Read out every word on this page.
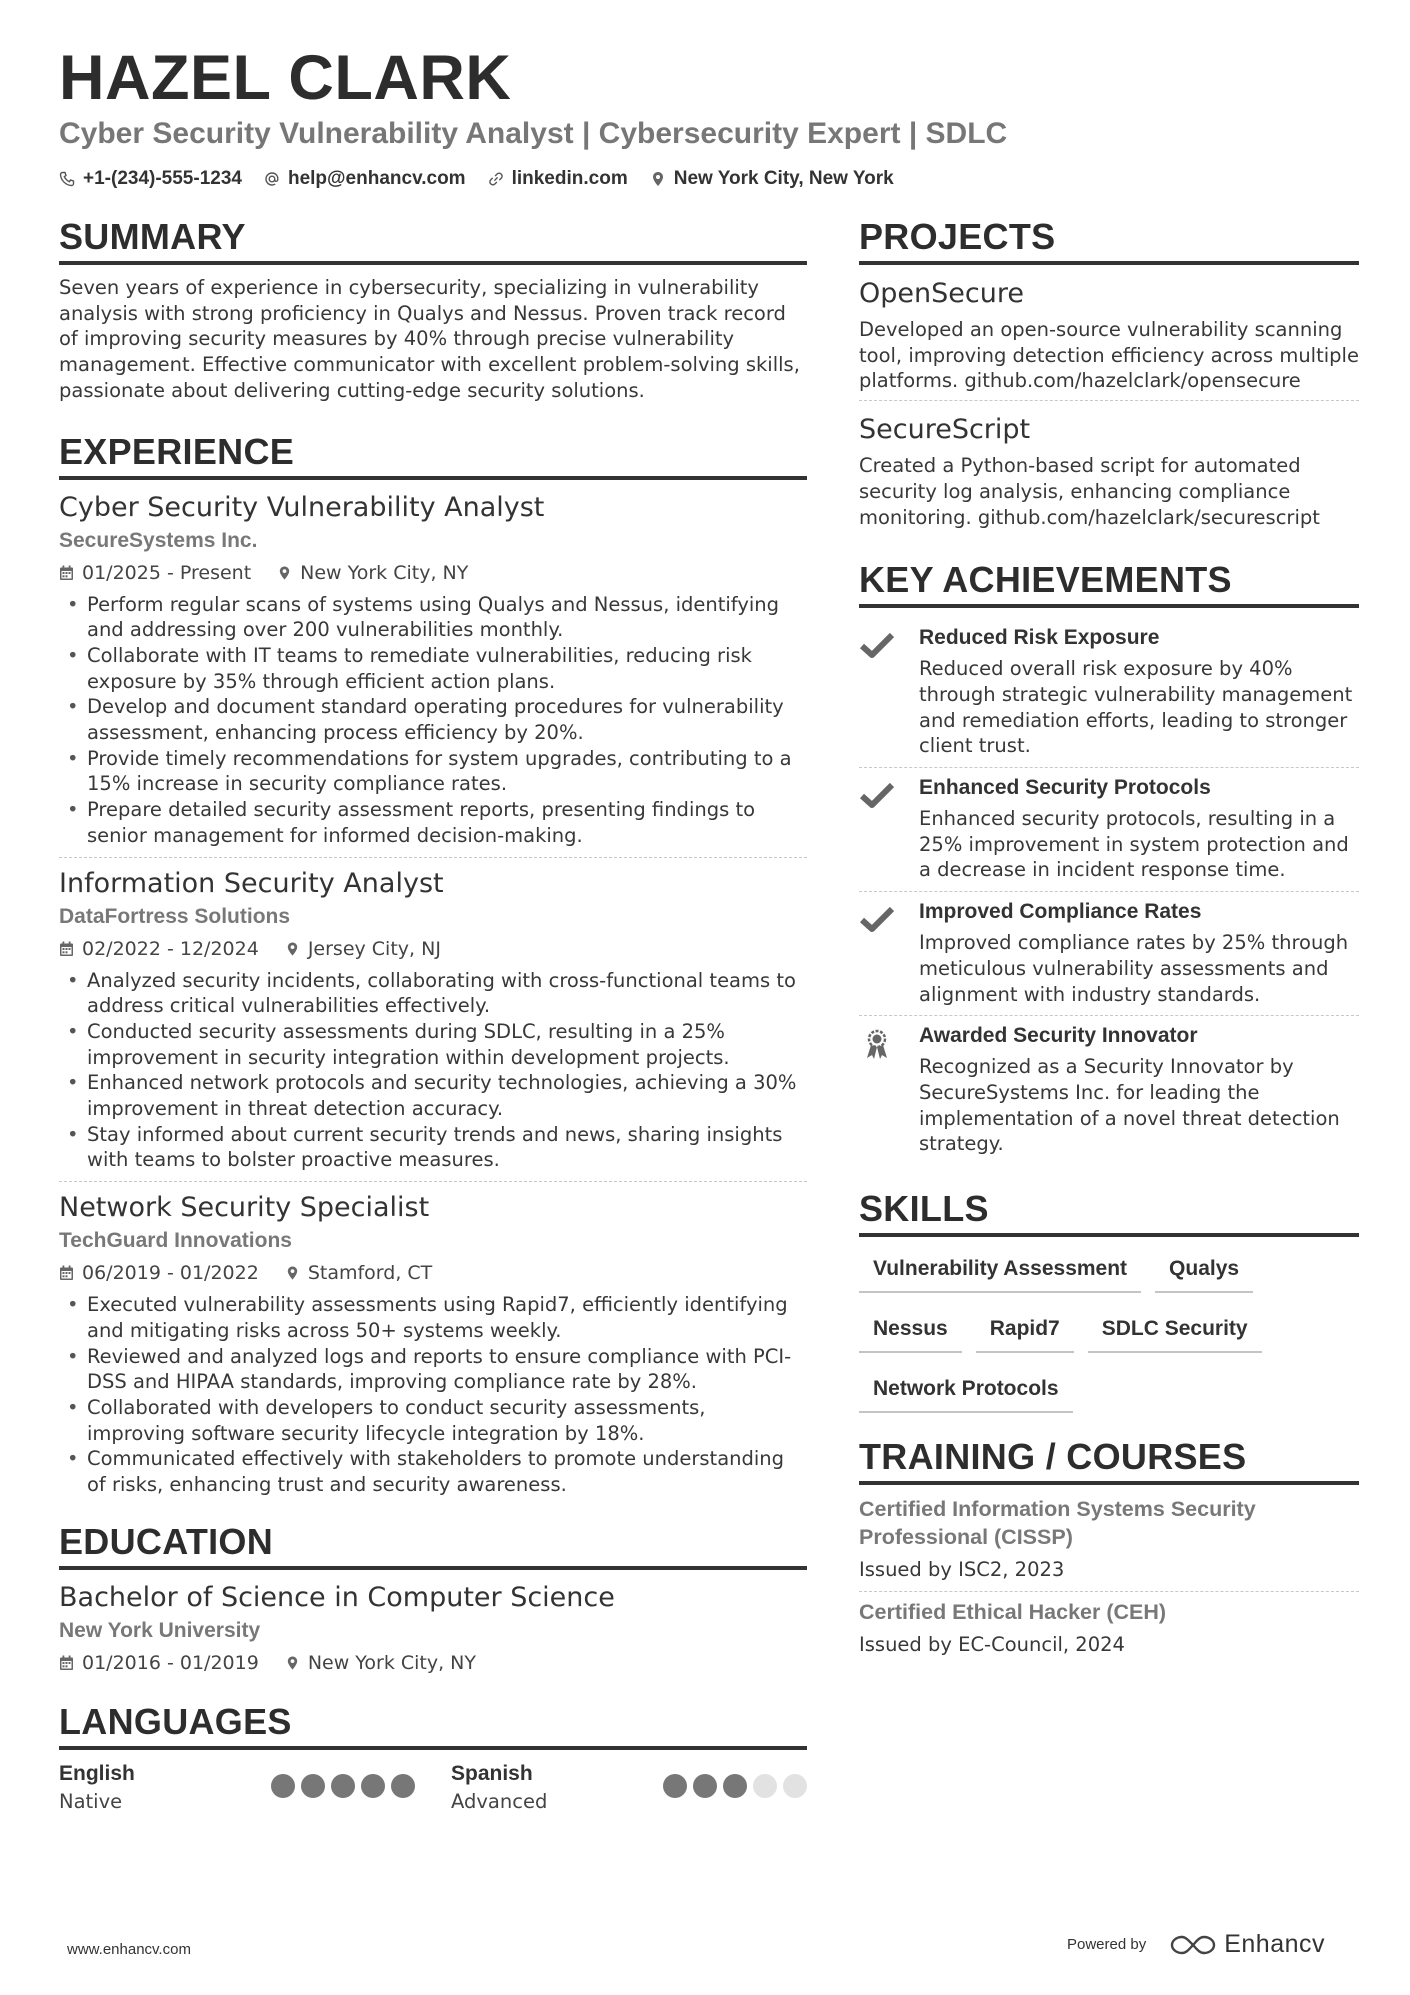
HAZEL CLARK
Cyber Security Vulnerability Analyst | Cybersecurity Expert | SDLC
+1-(234)-555-1234 help@enhancv.com linkedin.com New York City, New York
SUMMARY

Seven years of experience in cybersecurity, specializing in vulnerability analysis with strong proficiency in Qualys and Nessus. Proven track record of improving security measures by 40% through precise vulnerability management. Effective communicator with excellent problem-solving skills, passionate about delivering cutting-edge security solutions.

EXPERIENCE
Cyber Security Vulnerability Analyst
SecureSystems Inc.
01/2025 - Present	New York City, NY
• Perform regular scans of systems using Qualys and Nessus, identifying and addressing over 200 vulnerabilities monthly.
• Collaborate with IT teams to remediate vulnerabilities, reducing risk exposure by 35% through efficient action plans.
• Develop and document standard operating procedures for vulnerability assessment, enhancing process efficiency by 20%.
• Provide timely recommendations for system upgrades, contributing to a 15% increase in security compliance rates.
• Prepare detailed security assessment reports, presenting findings to senior management for informed decision-making.
Information Security Analyst
DataFortress Solutions
02/2022 - 12/2024	Jersey City, NJ
• Analyzed security incidents, collaborating with cross-functional teams to address critical vulnerabilities effectively.
• Conducted security assessments during SDLC, resulting in a 25% improvement in security integration within development projects.
• Enhanced network protocols and security technologies, achieving a 30% improvement in threat detection accuracy.
• Stay informed about current security trends and news, sharing insights with teams to bolster proactive measures.
Network Security Specialist
TechGuard Innovations
06/2019 - 01/2022	Stamford, CT
• Executed vulnerability assessments using Rapid7, efficiently identifying and mitigating risks across 50+ systems weekly.
• Reviewed and analyzed logs and reports to ensure compliance with PCI-DSS and HIPAA standards, improving compliance rate by 28%.
• Collaborated with developers to conduct security assessments, improving software security lifecycle integration by 18%.
• Communicated effectively with stakeholders to promote understanding of risks, enhancing trust and security awareness.
EDUCATION
Bachelor of Science in Computer Science
New York University
01/2016 - 01/2019	New York City, NY
LANGUAGES
English
Native
Spanish
Advanced
PROJECTS
OpenSecure

Developed an open-source vulnerability scanning tool, improving detection efficiency across multiple platforms. github.com/hazelclark/opensecure

SecureScript

Created a Python-based script for automated security log analysis, enhancing compliance monitoring. github.com/hazelclark/securescript

KEY ACHIEVEMENTS
Reduced Risk Exposure

Reduced overall risk exposure by 40% through strategic vulnerability management and remediation efforts, leading to stronger client trust.

Enhanced Security Protocols

Enhanced security protocols, resulting in a 25% improvement in system protection and a decrease in incident response time.

Improved Compliance Rates

Improved compliance rates by 25% through meticulous vulnerability assessments and alignment with industry standards.

Awarded Security Innovator

Recognized as a Security Innovator by SecureSystems Inc. for leading the implementation of a novel threat detection strategy.

SKILLS
Vulnerability Assessment	Qualys
Nessus	Rapid7	SDLC Security
Network Protocols
TRAINING / COURSES
Certified Information Systems Security Professional (CISSP)
Issued by ISC2, 2023
Certified Ethical Hacker (CEH)
Issued by EC-Council, 2024
www.enhancv.com	Powered by	Enhancv
